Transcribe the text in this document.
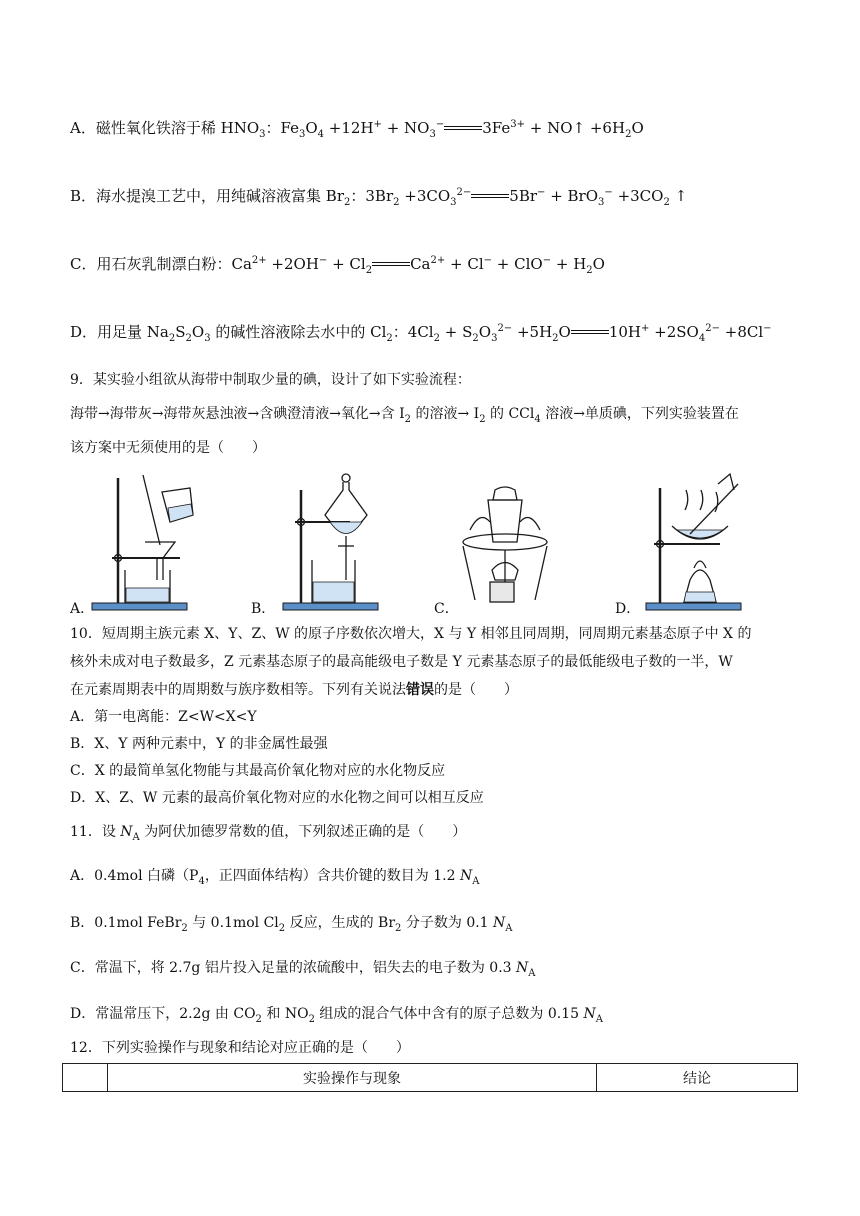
A．磁性氧化铁溶于稀 $HNO_3$：$Fe_3O_4 +12H^+ + NO_3^-$	$3Fe^{3+}$ + NO↑ $+6H_2O$
B．海水提溴工艺中，用纯碱溶液富集 $Br_2$：$3Br_2 +3CO_3^{2-}$	$5Br^- + BrO_3^- +3CO_2$ ↑
C．用石灰乳制漂白粉：$Ca^{2+} +2OH^- + Cl_2$	$Ca^{2+} + Cl^- + ClO^- + H_2O$
D．用足量 $Na_2S_2O_3$ 的碱性溶液除去水中的 $Cl_2$：$4Cl_2 + S_2O_3^{2-} +5H_2O$	$10H^+ +2SO_4^{2-} +8Cl^-$
9．某实验小组欲从海带中制取少量的碘，设计了如下实验流程：
海带→海带灰→海带灰悬浊液→含碘澄清液→氧化→含 $I_2$ 的溶液→ $I_2$ 的 CCl$_4$ 溶液→单质碘，下列实验装置在
该方案中无须使用的是（　　）
A．	B．	C．	D．
10．短周期主族元素 X、Y、Z、W 的原子序数依次增大，X 与 Y 相邻且同周期，同周期元素基态原子中 X 的
核外未成对电子数最多，Z 元素基态原子的最高能级电子数是 Y 元素基态原子的最低能级电子数的一半，W
在元素周期表中的周期数与族序数相等。下列有关说法错误的是（　　）
A．第一电离能：Z<W<X<Y
B．X、Y 两种元素中，Y 的非金属性最强
C．X 的最简单氢化物能与其最高价氧化物对应的水化物反应
D．X、Z、W 元素的最高价氧化物对应的水化物之间可以相互反应
11．设 $N_A$ 为阿伏加德罗常数的值，下列叙述正确的是（　　）
A．0.4mol 白磷（$P_4$，正四面体结构）含共价键的数目为 1.2 $N_A$
B．0.1mol FeBr$_2$ 与 0.1mol $Cl_2$ 反应，生成的 $Br_2$ 分子数为 0.1 $N_A$
C．常温下，将 2.7g 铝片投入足量的浓硫酸中，铝失去的电子数为 0.3 $N_A$
D．常温常压下，2.2g 由 $CO_2$ 和 $NO_2$ 组成的混合气体中含有的原子总数为 0.15 $N_A$
12．下列实验操作与现象和结论对应正确的是（　　）
	实验操作与现象	结论
